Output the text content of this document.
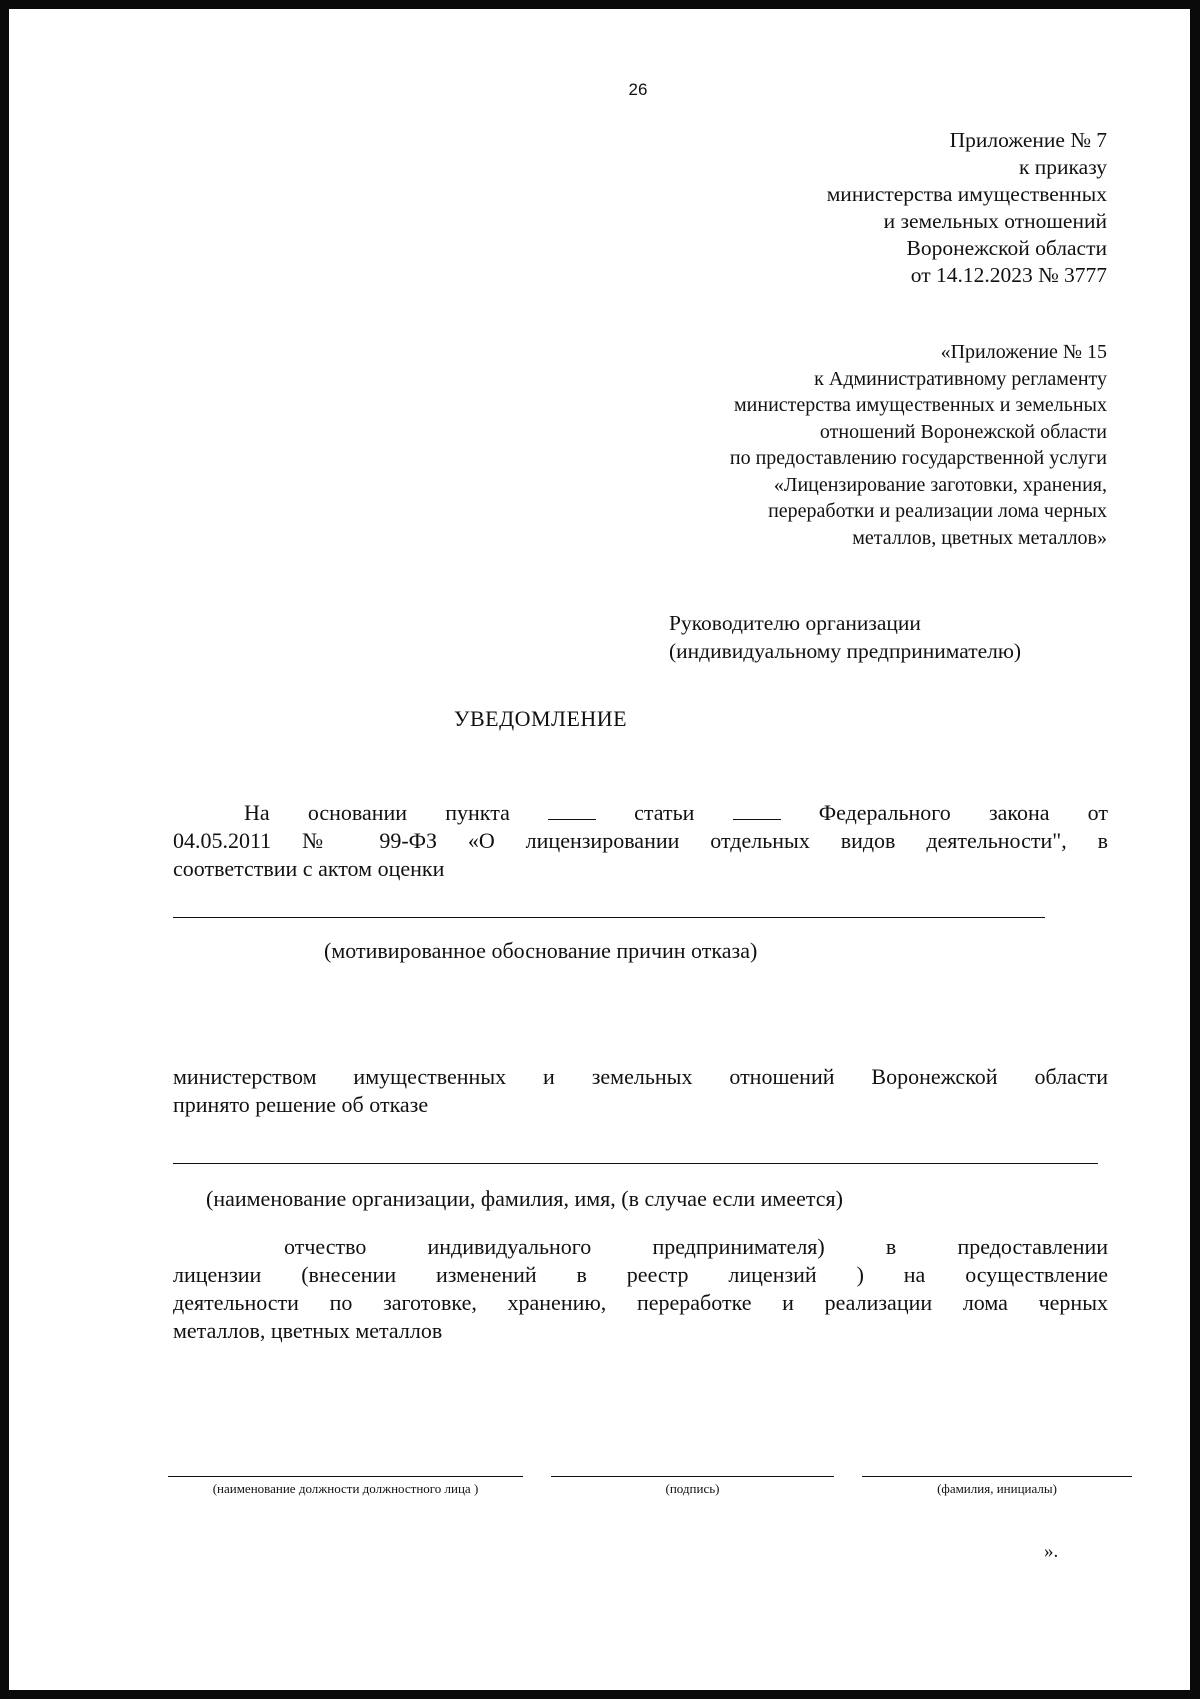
26
Приложение № 7
к приказу
министерства имущественных
и земельных отношений
Воронежской области
от 14.12.2023 № 3777
«Приложение № 15
к Административному регламенту
министерства имущественных и земельных
отношений Воронежской области
по предоставлению государственной услуги
«Лицензирование заготовки, хранения,
переработки и реализации лома черных
металлов, цветных металлов»
Руководителю организации
(индивидуальному предпринимателю)
УВЕДОМЛЕНИЕ
На основании пункта	статьи	Федерального закона от
04.05.2011 № 99-ФЗ «О лицензировании отдельных видов деятельности", в
соответствии с актом оценки
(мотивированное обоснование причин отказа)
министерством имущественных и земельных отношений Воронежской области
принято решение об отказе
(наименование организации, фамилия, имя, (в случае если имеется)
отчество	индивидуального	предпринимателя)	в	предоставлении
лицензии (внесении изменений в реестр лицензий ) на осуществление
деятельности по заготовке, хранению, переработке и реализации лома черных
металлов, цветных металлов
(наименование должности должностного лица )	(подпись)	(фамилия, инициалы)
».
